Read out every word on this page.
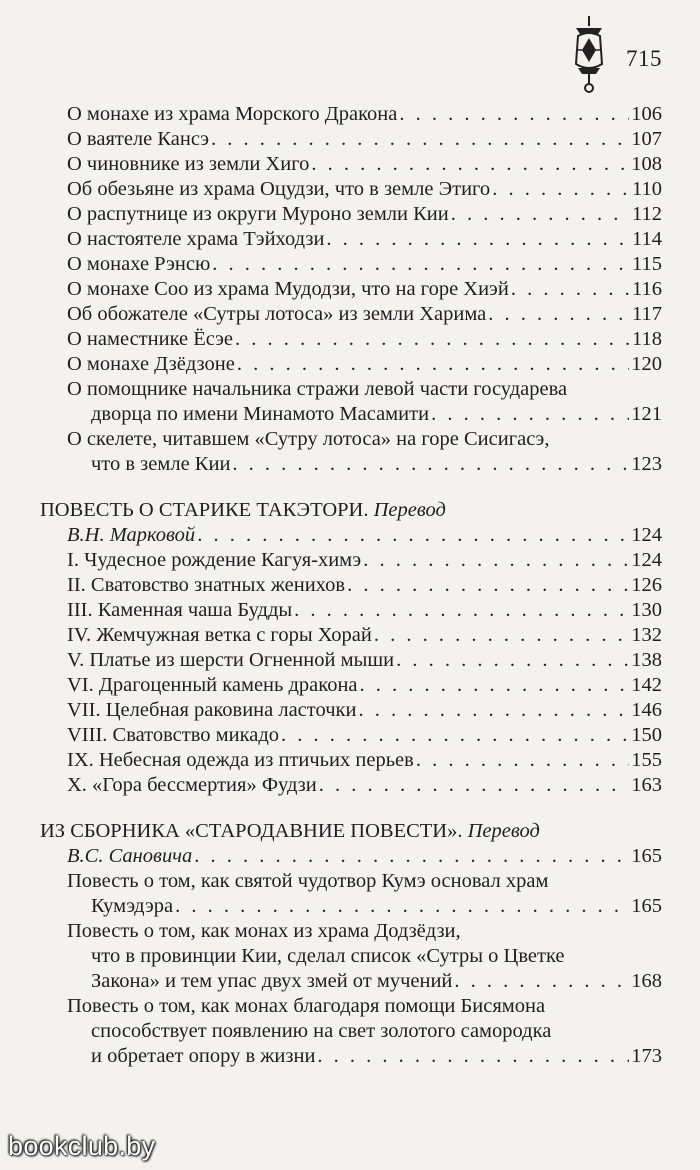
715
О монахе из храма Морского Дракона . . .	106
О ваятеле Кансэ . . .	107
О чиновнике из земли Хиго . . .	108
Об обезьяне из храма Оцудзи, что в земле Этиго . . .	110
О распутнице из округи Муроно земли Кии . . .	112
О настоятеле храма Тэйходзи . . .	114
О монахе Рэнсю . . .	115
О монахе Соо из храма Мудодзи, что на горе Хиэй . . .	116
Об обожателе «Сутры лотоса» из земли Харима . . .	117
О наместнике Ёсэе . . .	118
О монахе Дзёдзоне . . .	120
О помощнике начальника стражи левой части государева
дворца по имени Минамото Масамити . . .	121
О скелете, читавшем «Сутру лотоса» на горе Сисигасэ,
что в земле Кии . . .	123
ПОВЕСТЬ О СТАРИКЕ ТАКЭТОРИ. Перевод
В.Н. Марковой . . .	124
I. Чудесное рождение Кагуя-химэ . . .	124
II. Сватовство знатных женихов . . .	126
III. Каменная чаша Будды . . .	130
IV. Жемчужная ветка с горы Хорай . . .	132
V. Платье из шерсти Огненной мыши . . .	138
VI. Драгоценный камень дракона . . .	142
VII. Целебная раковина ласточки . . .	146
VIII. Сватовство микадо . . .	150
IX. Небесная одежда из птичьих перьев . . .	155
X. «Гора бессмертия» Фудзи . . .	163
ИЗ СБОРНИКА «СТАРОДАВНИЕ ПОВЕСТИ». Перевод
В.С. Сановича . . .	165
Повесть о том, как святой чудотвор Кумэ основал храм
Кумэдэра . . .	165
Повесть о том, как монах из храма Додзёдзи,
что в провинции Кии, сделал список «Сутры о Цветке
Закона» и тем упас двух змей от мучений . . .	168
Повесть о том, как монах благодаря помощи Бисямона
способствует появлению на свет золотого самородка
и обретает опору в жизни . . .	173
bookclub.by
